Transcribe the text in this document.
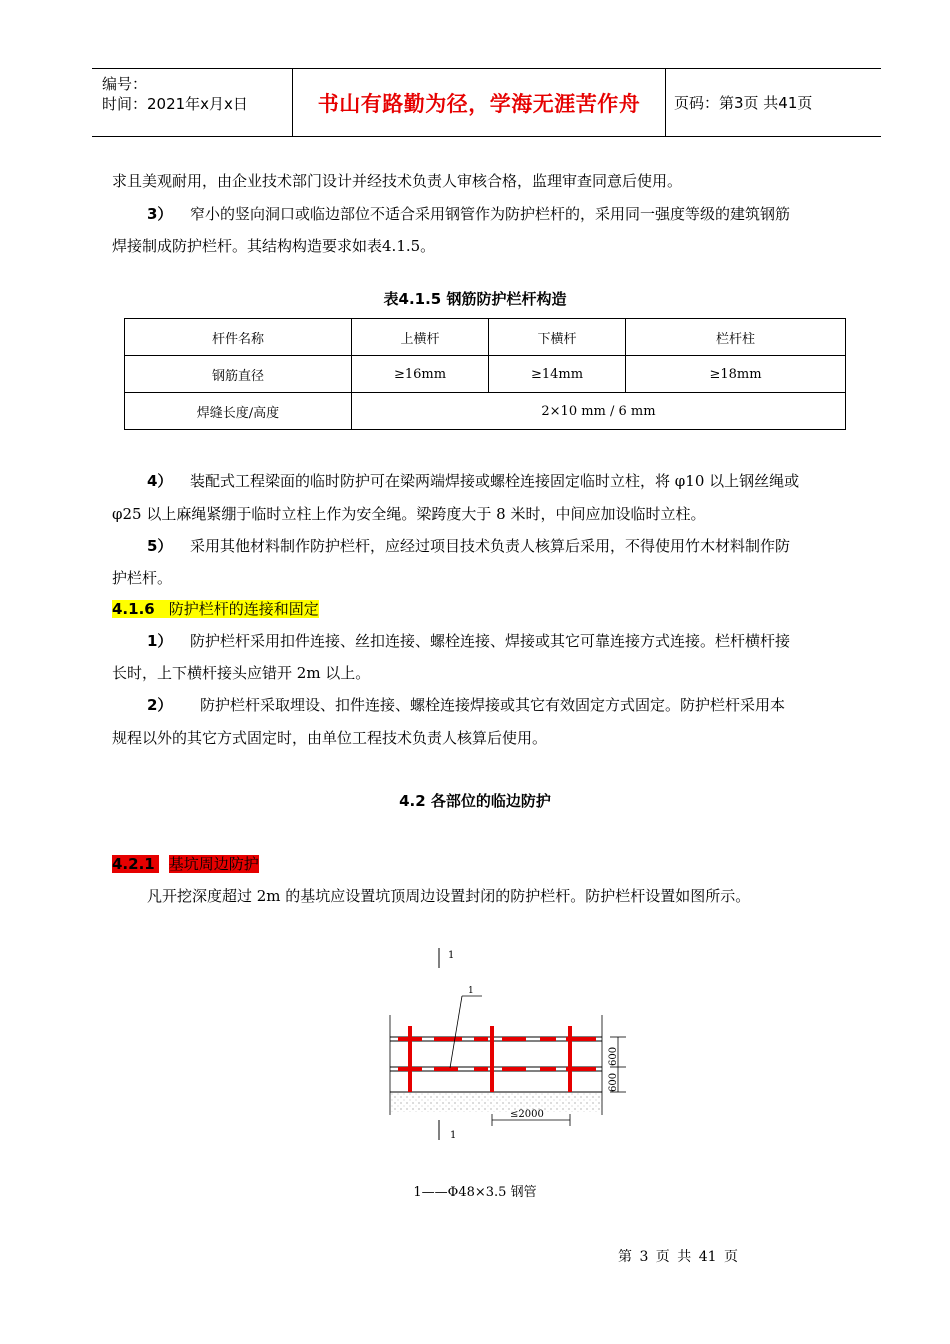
编号：
时间：2021年x月x日	书山有路勤为径，学海无涯苦作舟 页码：第3页 共41页
求且美观耐用，由企业技术部门设计并经技术负责人审核合格，监理审查同意后使用。
3） 窄小的竖向洞口或临边部位不适合采用钢管作为防护栏杆的，采用同一强度等级的建筑钢筋
焊接制成防护栏杆。其结构构造要求如表4.1.5。
表4.1.5 钢筋防护栏杆构造
杆件名称	上横杆	下横杆	栏杆柱
钢筋直径	≥16mm	≥14mm	≥18mm
焊缝长度/高度	2×10 mm / 6 mm		
4） 装配式工程梁面的临时防护可在梁两端焊接或螺栓连接固定临时立柱，将 φ10 以上钢丝绳或
φ25 以上麻绳紧绷于临时立柱上作为安全绳。梁跨度大于 8 米时，中间应加设临时立柱。
5） 采用其他材料制作防护栏杆，应经过项目技术负责人核算后采用，不得使用竹木材料制作防
护栏杆。
4.1.6 防护栏杆的连接和固定
1） 防护栏杆采用扣件连接、丝扣连接、螺栓连接、焊接或其它可靠连接方式连接。栏杆横杆接
长时，上下横杆接头应错开 2m 以上。
2） 防护栏杆采取埋设、扣件连接、螺栓连接焊接或其它有效固定方式固定。防护栏杆采用本
规程以外的其它方式固定时，由单位工程技术负责人核算后使用。
4.2 各部位的临边防护
4.2.1 基坑周边防护
凡开挖深度超过 2m 的基坑应设置坑顶周边设置封闭的防护栏杆。防护栏杆设置如图所示。
1
1
1
600
600
≤2000
1——Φ48×3.5 钢管
第 3 页 共 41 页
